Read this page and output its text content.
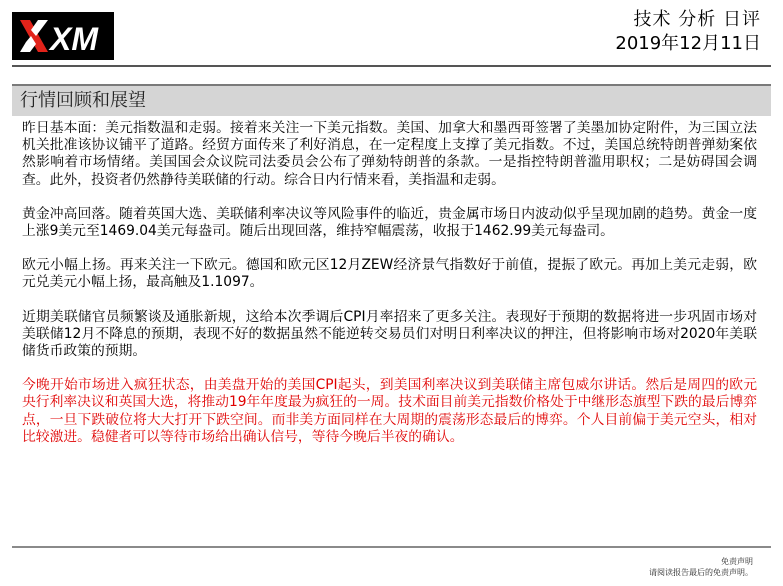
XM
技术 分析 日评
2019年12月11日
行情回顾和展望

昨日基本面：美元指数温和走弱。接着来关注一下美元指数。美国、加拿大和墨西哥签署了美墨加协定附件，为三国立法机关批准该协议铺平了道路。经贸方面传来了利好消息，在一定程度上支撑了美元指数。不过，美国总统特朗普弹劾案依然影响着市场情绪。美国国会众议院司法委员会公布了弹劾特朗普的条款。一是指控特朗普滥用职权；二是妨碍国会调查。此外，投资者仍然静待美联储的行动。综合日内行情来看，美指温和走弱。

黄金冲高回落。随着英国大选、美联储利率决议等风险事件的临近，贵金属市场日内波动似乎呈现加剧的趋势。黄金一度上涨9美元至1469.04美元每盎司。随后出现回落，维持窄幅震荡，收报于1462.99美元每盎司。

欧元小幅上扬。再来关注一下欧元。德国和欧元区12月ZEW经济景气指数好于前值，提振了欧元。再加上美元走弱，欧元兑美元小幅上扬，最高触及1.1097。

近期美联储官员频繁谈及通胀新规，这给本次季调后CPI月率招来了更多关注。表现好于预期的数据将进一步巩固市场对美联储12月不降息的预期，表现不好的数据虽然不能逆转交易员们对明日利率决议的押注，但将影响市场对2020年美联储货币政策的预期。

今晚开始市场进入疯狂状态，由美盘开始的美国CPI起头，到美国利率决议到美联储主席包威尔讲话。然后是周四的欧元央行利率决议和英国大选，将推动19年年度最为疯狂的一周。技术面目前美元指数价格处于中继形态旗型下跌的最后博弈点，一旦下跌破位将大大打开下跌空间。而非美方面同样在大周期的震荡形态最后的博弈。个人目前偏于美元空头，相对比较激进。稳健者可以等待市场给出确认信号，等待今晚后半夜的确认。

免责声明
请阅读报告最后的免责声明。
